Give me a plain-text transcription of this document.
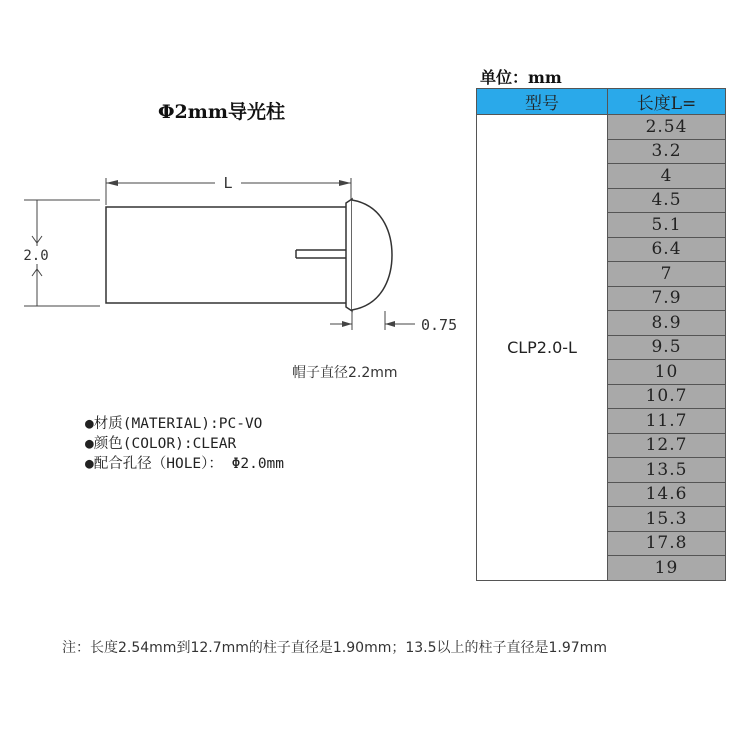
Φ2mm导光柱
单位：mm
L
2.0
0.75
帽子直径2.2mm
●材质(MATERIAL):PC-VO
●颜色(COLOR):CLEAR
●配合孔径（HOLE）： Φ2.0mm
型号	长度L=
CLP2.0-L	2.54
	3.2
	4
	4.5
	5.1
	6.4
	7
	7.9
	8.9
	9.5
	10
	10.7
	11.7
	12.7
	13.5
	14.6
	15.3
	17.8
	19
注：长度2.54mm到12.7mm的柱子直径是1.90mm；13.5以上的柱子直径是1.97mm
